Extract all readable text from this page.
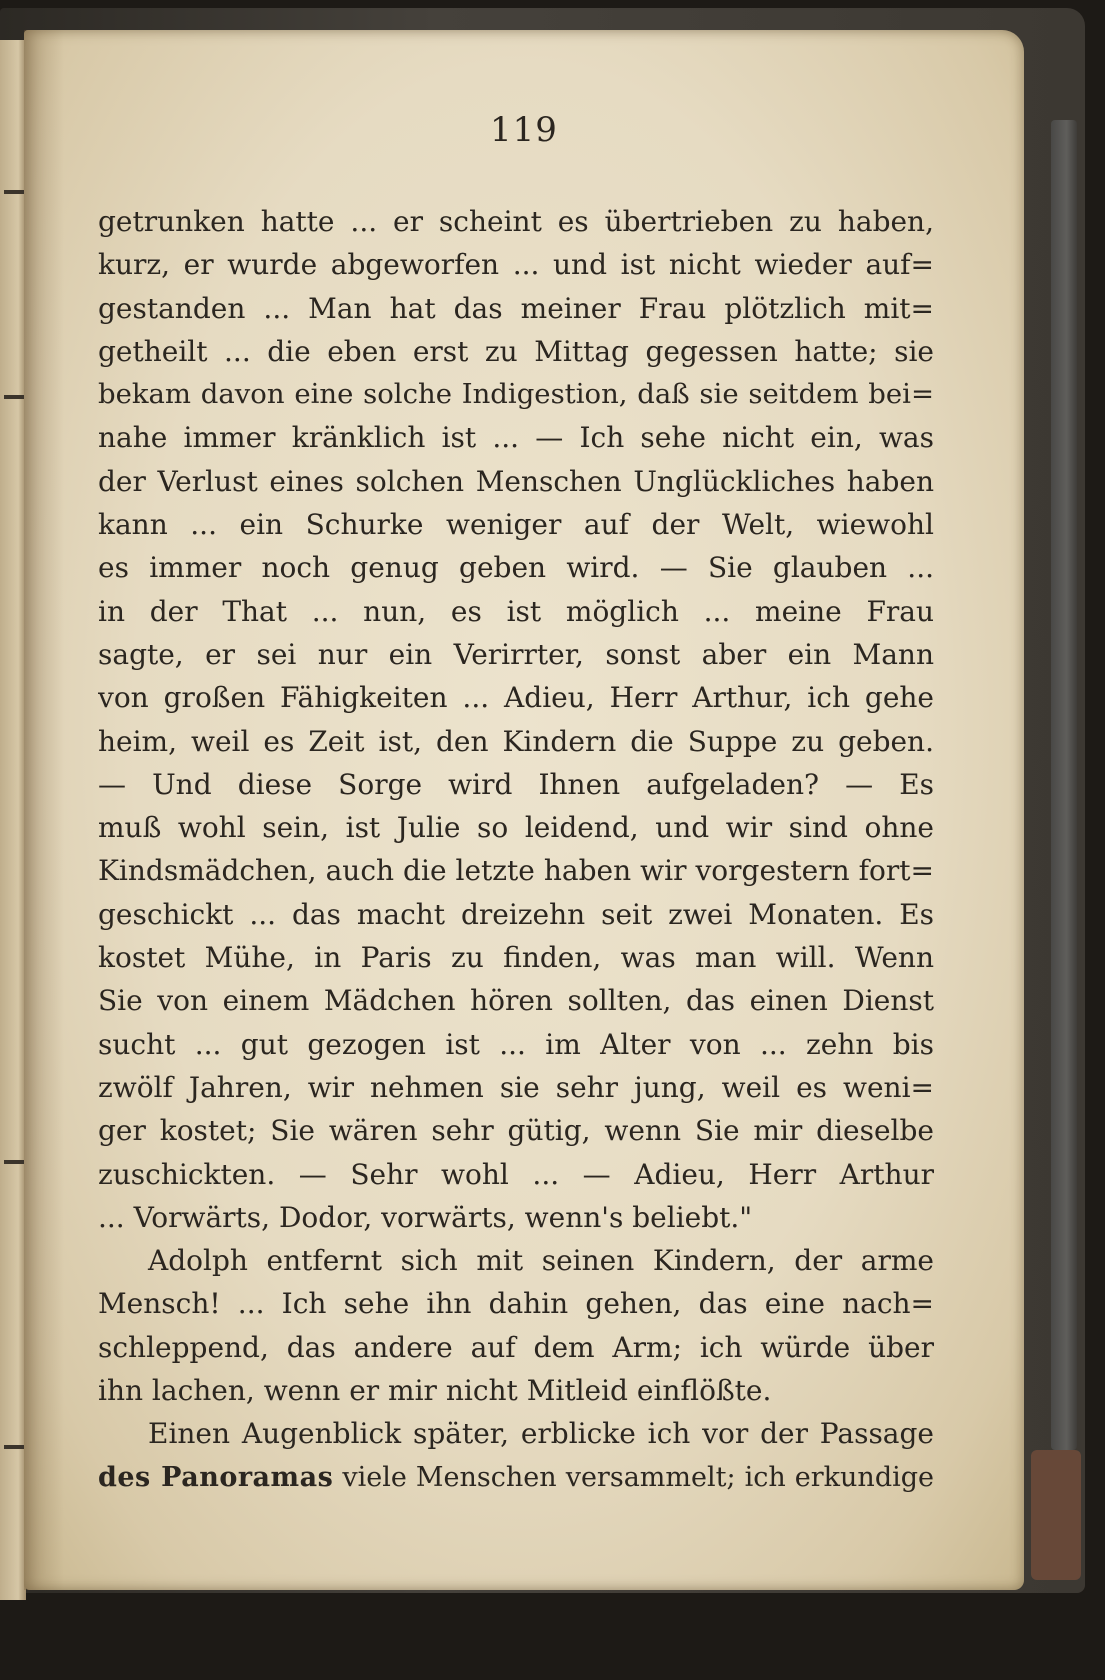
119
getrunken hatte ... er scheint es übertrieben zu haben,
kurz, er wurde abgeworfen ... und ist nicht wieder auf=
gestanden ... Man hat das meiner Frau plötzlich mit=
getheilt ... die eben erst zu Mittag gegessen hatte; sie
bekam davon eine solche Indigestion, daß sie seitdem bei=
nahe immer kränklich ist ... — Ich sehe nicht ein, was
der Verlust eines solchen Menschen Unglückliches haben
kann ... ein Schurke weniger auf der Welt, wiewohl
es immer noch genug geben wird. — Sie glauben ...
in der That ... nun, es ist möglich ... meine Frau
sagte, er sei nur ein Verirrter, sonst aber ein Mann
von großen Fähigkeiten ... Adieu, Herr Arthur, ich gehe
heim, weil es Zeit ist, den Kindern die Suppe zu geben.
— Und diese Sorge wird Ihnen aufgeladen? — Es
muß wohl sein, ist Julie so leidend, und wir sind ohne
Kindsmädchen, auch die letzte haben wir vorgestern fort=
geschickt ... das macht dreizehn seit zwei Monaten. Es
kostet Mühe, in Paris zu finden, was man will. Wenn
Sie von einem Mädchen hören sollten, das einen Dienst
sucht ... gut gezogen ist ... im Alter von ... zehn bis
zwölf Jahren, wir nehmen sie sehr jung, weil es weni=
ger kostet; Sie wären sehr gütig, wenn Sie mir dieselbe
zuschickten. — Sehr wohl ... — Adieu, Herr Arthur
... Vorwärts, Dodor, vorwärts, wenn's beliebt."
Adolph entfernt sich mit seinen Kindern, der arme
Mensch! ... Ich sehe ihn dahin gehen, das eine nach=
schleppend, das andere auf dem Arm; ich würde über
ihn lachen, wenn er mir nicht Mitleid einflößte.
Einen Augenblick später, erblicke ich vor der Passage
des Panoramas viele Menschen versammelt; ich erkundige
